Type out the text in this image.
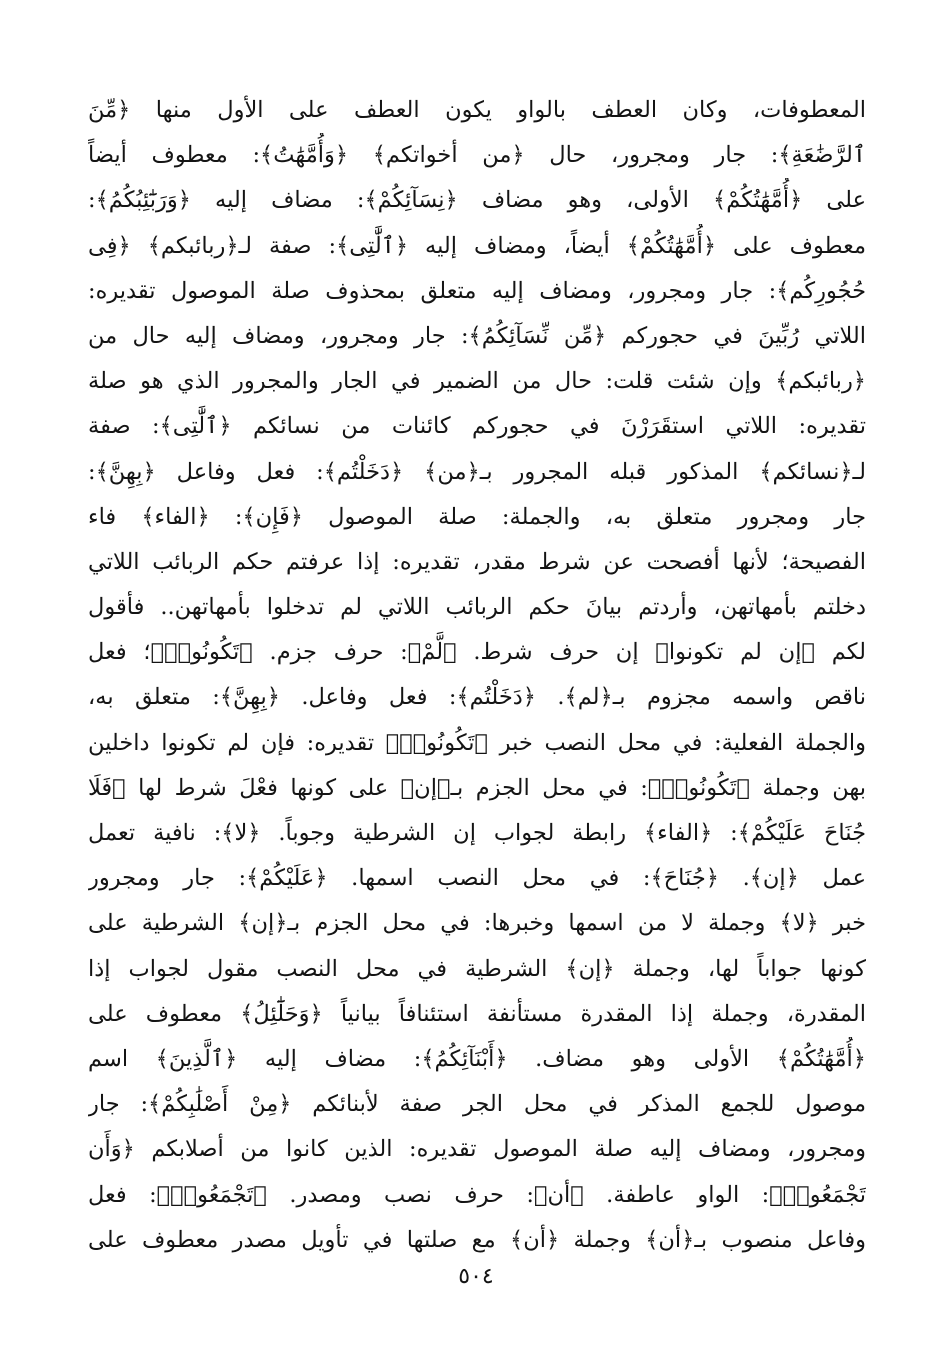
المعطوفات، وكان العطف بالواو يكون العطف على الأول منها ﴿مِّنَ
ٱلرَّضَٰعَةِ﴾: جار ومجرور، حال ﴿من أخواتكم﴾ ﴿وَأُمَّهَٰتُ﴾: معطوف أيضاً
على ﴿أُمَّهَٰتُكُمْ﴾ الأولى، وهو مضاف ﴿نِسَآئِكُمْ﴾: مضاف إليه ﴿وَرَبَٰٓئِبُكُمُ﴾:
معطوف على ﴿أُمَّهَٰتُكُمْ﴾ أيضاً، ومضاف إليه ﴿ٱلَّٰتِى﴾: صفة لـ﴿ربائبكم﴾ ﴿فِى
حُجُورِكُم﴾: جار ومجرور، ومضاف إليه متعلق بمحذوف صلة الموصول تقديره:
اللاتي رُبِّينَ في حجوركم ﴿مِّن نِّسَآئِكُمُ﴾: جار ومجرور، ومضاف إليه حال من
﴿ربائبكم﴾ وإن شئت قلت: حال من الضمير في الجار والمجرور الذي هو صلة
تقديره: اللاتي استقَرَرْنَ في حجوركم كائنات من نسائكم ﴿ٱلَّٰتِى﴾: صفة
لـ﴿نسائكم﴾ المذكور قبله المجرور بـ﴿من﴾ ﴿دَخَلْتُم﴾: فعل وفاعل ﴿بِهِنَّ﴾:
جار ومجرور متعلق به، والجملة: صلة الموصول ﴿فَإِن﴾: ﴿الفاء﴾ فاء
الفصيحة؛ لأنها أفصحت عن شرط مقدر، تقديره: إذا عرفتم حكم الربائب اللاتي
دخلتم بأمهاتهن، وأردتم بيانَ حكم الربائب اللاتي لم تدخلوا بأمهاتهن.. فأقول
لكم ﴿إن لم تكونوا﴾ إن حرف شرط. ﴿لَّمْ﴾: حرف جزم. ﴿تَكُونُوا۟﴾؛ فعل
ناقص واسمه مجزوم بـ﴿لم﴾. ﴿دَخَلْتُم﴾: فعل وفاعل. ﴿بِهِنَّ﴾: متعلق به،
والجملة الفعلية: في محل النصب خبر ﴿تَكُونُوا۟﴾ تقديره: فإن لم تكونوا داخلين
بهن وجملة ﴿تَكُونُوا۟﴾: في محل الجزم بـ﴿إن﴾ على كونها فعْلَ شرط لها ﴿فَلَا
جُنَاحَ عَلَيْكُمْ﴾: ﴿الفاء﴾ رابطة لجواب إن الشرطية وجوباً. ﴿لا﴾: نافية تعمل
عمل ﴿إن﴾. ﴿جُنَاحَ﴾: في محل النصب اسمها. ﴿عَلَيْكُمْ﴾: جار ومجرور
خبر ﴿لا﴾ وجملة لا من اسمها وخبرها: في محل الجزم بـ﴿إن﴾ الشرطية على
كونها جواباً لها، وجملة ﴿إن﴾ الشرطية في محل النصب مقول لجواب إذا
المقدرة، وجملة إذا المقدرة مستأنفة استئنافاً بيانياً ﴿وَحَلَٰٓئِلُ﴾ معطوف على
﴿أُمَّهَٰتُكُمْ﴾ الأولى وهو مضاف. ﴿أَبْنَآئِكُمُ﴾: مضاف إليه ﴿ٱلَّذِينَ﴾ اسم
موصول للجمع المذكر في محل الجر صفة لأبنائكم ﴿مِنْ أَصْلَٰبِكُمْ﴾: جار
ومجرور، ومضاف إليه صلة الموصول تقديره: الذين كانوا من أصلابكم ﴿وَأَن
تَجْمَعُوا۟﴾: الواو عاطفة. ﴿أن﴾: حرف نصب ومصدر. ﴿تَجْمَعُوا۟﴾: فعل
وفاعل منصوب بـ﴿أن﴾ وجملة ﴿أن﴾ مع صلتها في تأويل مصدر معطوف على
٥٠٤
